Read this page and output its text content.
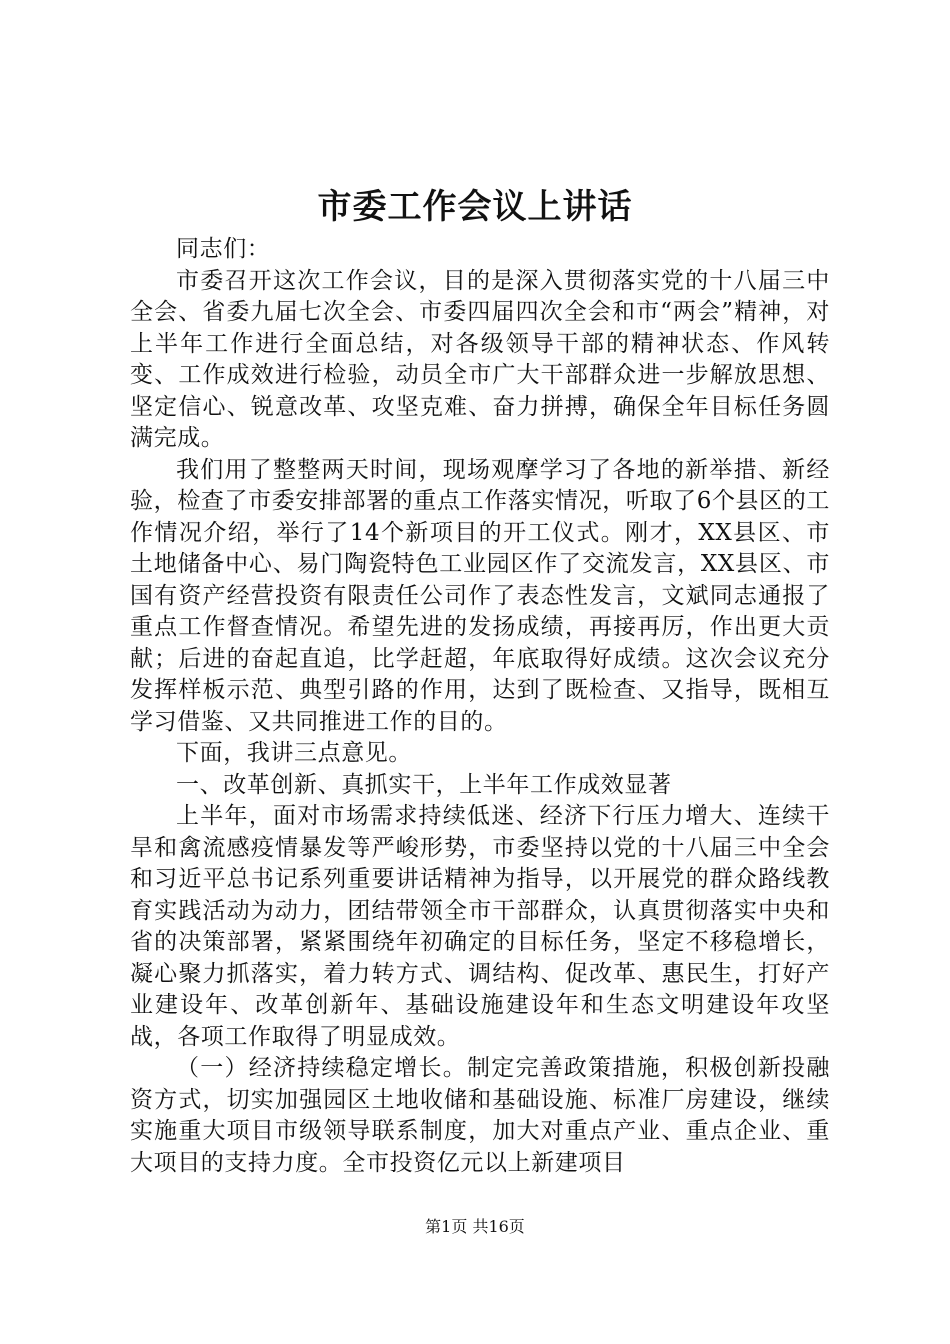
市委工作会议上讲话

同志们：

市委召开这次工作会议，目的是深入贯彻落实党的十八届三中全会、省委九届七次全会、市委四届四次全会和市“两会”精神，对上半年工作进行全面总结，对各级领导干部的精神状态、作风转变、工作成效进行检验，动员全市广大干部群众进一步解放思想、坚定信心、锐意改革、攻坚克难、奋力拼搏，确保全年目标任务圆满完成。

我们用了整整两天时间，现场观摩学习了各地的新举措、新经验，检查了市委安排部署的重点工作落实情况，听取了6个县区的工作情况介绍，举行了14个新项目的开工仪式。刚才，XX县区、市土地储备中心、易门陶瓷特色工业园区作了交流发言，XX县区、市国有资产经营投资有限责任公司作了表态性发言，文斌同志通报了重点工作督查情况。希望先进的发扬成绩，再接再厉，作出更大贡献；后进的奋起直追，比学赶超，年底取得好成绩。这次会议充分发挥样板示范、典型引路的作用，达到了既检查、又指导，既相互学习借鉴、又共同推进工作的目的。

下面，我讲三点意见。

一、改革创新、真抓实干，上半年工作成效显著

上半年，面对市场需求持续低迷、经济下行压力增大、连续干旱和禽流感疫情暴发等严峻形势，市委坚持以党的十八届三中全会和习近平总书记系列重要讲话精神为指导，以开展党的群众路线教育实践活动为动力，团结带领全市干部群众，认真贯彻落实中央和省的决策部署，紧紧围绕年初确定的目标任务，坚定不移稳增长，凝心聚力抓落实，着力转方式、调结构、促改革、惠民生，打好产业建设年、改革创新年、基础设施建设年和生态文明建设年攻坚战，各项工作取得了明显成效。

（一）经济持续稳定增长。制定完善政策措施，积极创新投融资方式，切实加强园区土地收储和基础设施、标准厂房建设，继续实施重大项目市级领导联系制度，加大对重点产业、重点企业、重大项目的支持力度。全市投资亿元以上新建项目

第1页 共16页
